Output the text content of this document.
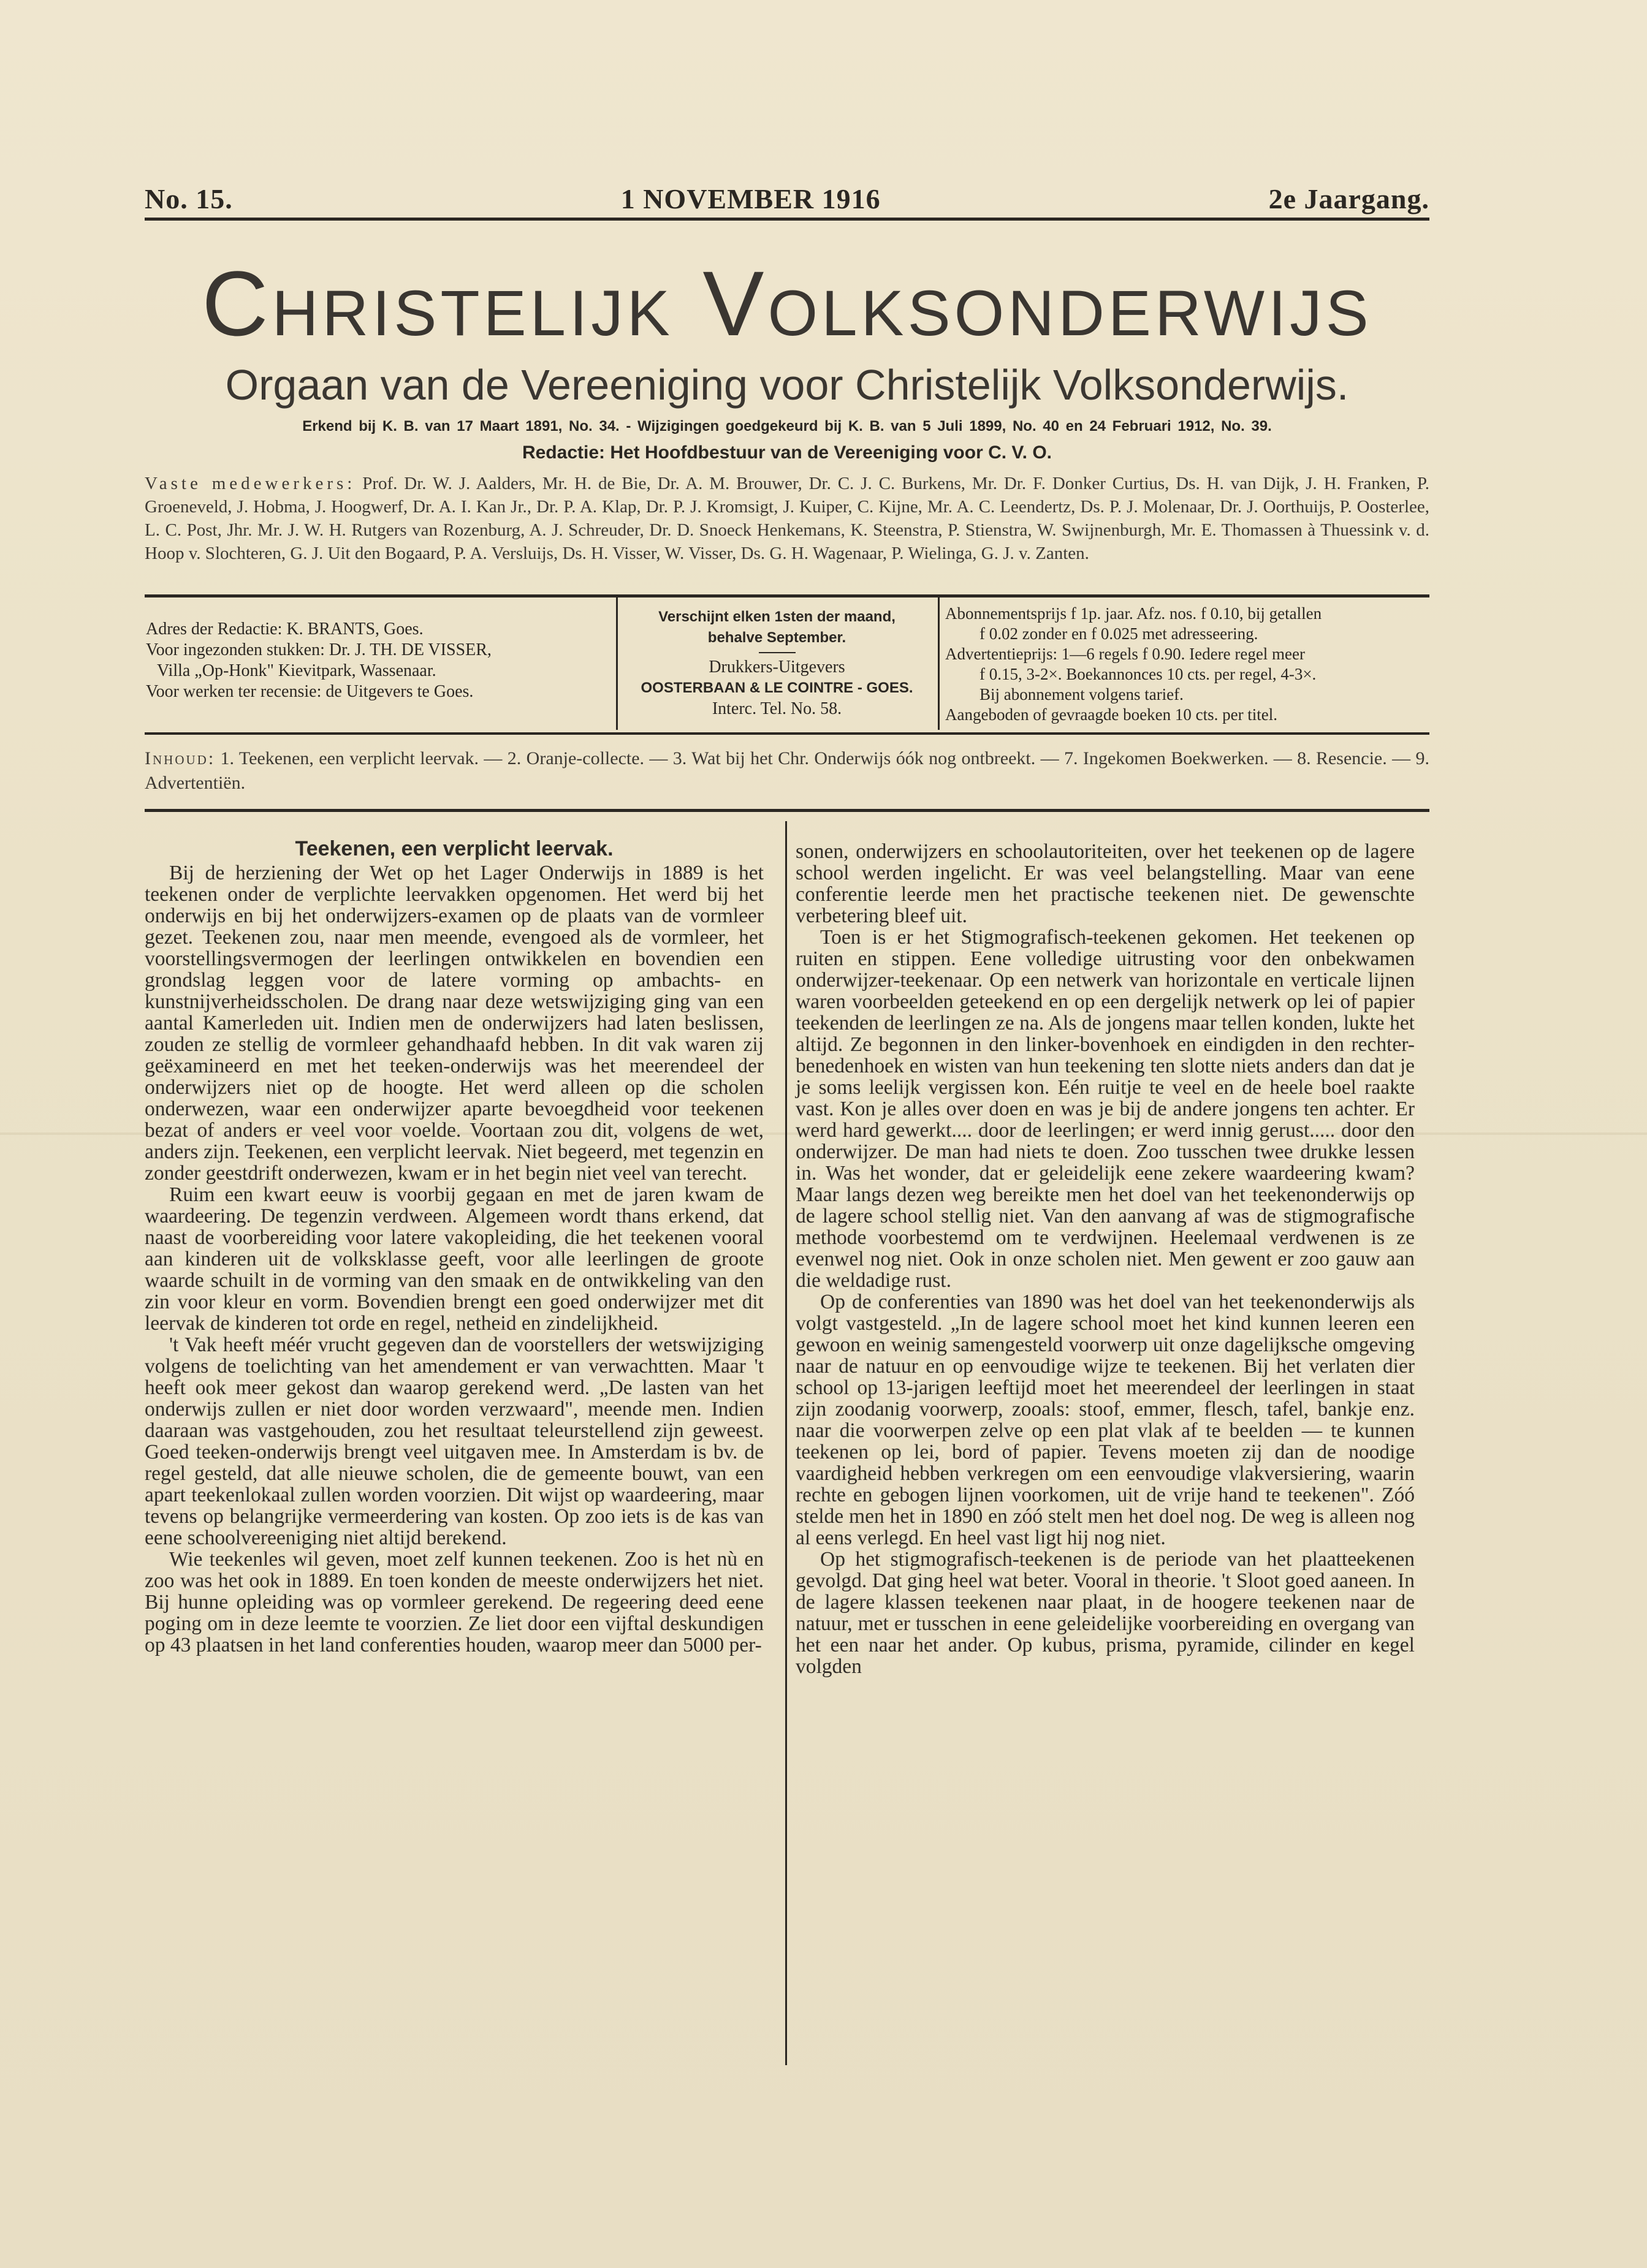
No. 15.	1 NOVEMBER 1916	2e Jaargang.
Christelijk Volksonderwijs
Orgaan van de Vereeniging voor Christelijk Volksonderwijs.
Erkend bij K. B. van 17 Maart 1891, No. 34. - Wijzigingen goedgekeurd bij K. B. van 5 Juli 1899, No. 40 en 24 Februari 1912, No. 39.
Redactie: Het Hoofdbestuur van de Vereeniging voor C. V. O.
Vaste medewerkers: Prof. Dr. W. J. Aalders, Mr. H. de Bie, Dr. A. M. Brouwer, Dr. C. J. C. Burkens, Mr. Dr. F. Donker Curtius, Ds. H. van Dijk, J. H. Franken, P. Groeneveld, J. Hobma, J. Hoogwerf, Dr. A. I. Kan Jr., Dr. P. A. Klap, Dr. P. J. Kromsigt, J. Kuiper, C. Kijne, Mr. A. C. Leendertz, Ds. P. J. Molenaar, Dr. J. Oorthuijs, P. Oosterlee, L. C. Post, Jhr. Mr. J. W. H. Rutgers van Rozenburg, A. J. Schreuder, Dr. D. Snoeck Henkemans, K. Steenstra, P. Stienstra, W. Swijnenburgh, Mr. E. Thomassen à Thuessink v. d. Hoop v. Slochteren, G. J. Uit den Bogaard, P. A. Versluijs, Ds. H. Visser, W. Visser, Ds. G. H. Wagenaar, P. Wielinga, G. J. v. Zanten.
Adres der Redactie: K. BRANTS, Goes.
Voor ingezonden stukken: Dr. J. TH. DE VISSER,
Villa „Op-Honk" Kievitpark, Wassenaar.
Voor werken ter recensie: de Uitgevers te Goes.
Verschijnt elken 1sten der maand,
behalve September.
Drukkers-Uitgevers
OOSTERBAAN & LE COINTRE - GOES.
Interc. Tel. No. 58.
Abonnementsprijs f 1p. jaar. Afz. nos. f 0.10, bij getallen
f 0.02 zonder en f 0.025 met adresseering.
Advertentieprijs: 1—6 regels f 0.90. Iedere regel meer
f 0.15, 3-2×. Boekannonces 10 cts. per regel, 4-3×.
Bij abonnement volgens tarief.
Aangeboden of gevraagde boeken 10 cts. per titel.
Inhoud: 1. Teekenen, een verplicht leervak. — 2. Oranje-collecte. — 3. Wat bij het Chr. Onderwijs óók nog ontbreekt. — 7. Ingekomen Boekwerken. — 8. Resencie. — 9. Advertentiën.
Teekenen, een verplicht leervak.

Bij de herziening der Wet op het Lager Onderwijs in 1889 is het teekenen onder de verplichte leervakken opgenomen. Het werd bij het onderwijs en bij het onderwijzers-examen op de plaats van de vormleer gezet. Teekenen zou, naar men meende, evengoed als de vormleer, het voorstellingsvermogen der leerlingen ontwikkelen en bovendien een grondslag leggen voor de latere vorming op ambachts- en kunstnijverheidsscholen. De drang naar deze wetswijziging ging van een aantal Kamerleden uit. Indien men de onderwijzers had laten beslissen, zouden ze stellig de vormleer gehandhaafd hebben. In dit vak waren zij geëxamineerd en met het teeken-onderwijs was het meerendeel der onderwijzers niet op de hoogte. Het werd alleen op die scholen onderwezen, waar een onderwijzer aparte bevoegdheid voor teekenen bezat of anders er veel voor voelde. Voortaan zou dit, volgens de wet, anders zijn. Teekenen, een verplicht leervak. Niet begeerd, met tegenzin en zonder geestdrift onderwezen, kwam er in het begin niet veel van terecht.

Ruim een kwart eeuw is voorbij gegaan en met de jaren kwam de waardeering. De tegenzin verdween. Algemeen wordt thans erkend, dat naast de voorbereiding voor latere vakopleiding, die het teekenen vooral aan kinderen uit de volksklasse geeft, voor alle leerlingen de groote waarde schuilt in de vorming van den smaak en de ontwikkeling van den zin voor kleur en vorm. Bovendien brengt een goed onderwijzer met dit leervak de kinderen tot orde en regel, netheid en zindelijkheid.

't Vak heeft méér vrucht gegeven dan de voorstellers der wetswijziging volgens de toelichting van het amendement er van verwachtten. Maar 't heeft ook meer gekost dan waarop gerekend werd. „De lasten van het onderwijs zullen er niet door worden verzwaard", meende men. Indien daaraan was vastgehouden, zou het resultaat teleurstellend zijn geweest. Goed teeken-onderwijs brengt veel uitgaven mee. In Amsterdam is bv. de regel gesteld, dat alle nieuwe scholen, die de gemeente bouwt, van een apart teekenlokaal zullen worden voorzien. Dit wijst op waardeering, maar tevens op belangrijke vermeerdering van kosten. Op zoo iets is de kas van eene schoolvereeniging niet altijd berekend.

Wie teekenles wil geven, moet zelf kunnen teekenen. Zoo is het nù en zoo was het ook in 1889. En toen konden de meeste onderwijzers het niet. Bij hunne opleiding was op vormleer gerekend. De regeering deed eene poging om in deze leemte te voorzien. Ze liet door een vijftal deskundigen op 43 plaatsen in het land conferenties houden, waarop meer dan 5000 per-

sonen, onderwijzers en schoolautoriteiten, over het teekenen op de lagere school werden ingelicht. Er was veel belangstelling. Maar van eene conferentie leerde men het practische teekenen niet. De gewenschte verbetering bleef uit.

Toen is er het Stigmografisch-teekenen gekomen. Het teekenen op ruiten en stippen. Eene volledige uitrusting voor den onbekwamen onderwijzer-teekenaar. Op een netwerk van horizontale en verticale lijnen waren voorbeelden geteekend en op een dergelijk netwerk op lei of papier teekenden de leerlingen ze na. Als de jongens maar tellen konden, lukte het altijd. Ze begonnen in den linker-bovenhoek en eindigden in den rechter-benedenhoek en wisten van hun teekening ten slotte niets anders dan dat je je soms leelijk vergissen kon. Eén ruitje te veel en de heele boel raakte vast. Kon je alles over doen en was je bij de andere jongens ten achter. Er werd hard gewerkt.... door de leerlingen; er werd innig gerust..... door den onderwijzer. De man had niets te doen. Zoo tusschen twee drukke lessen in. Was het wonder, dat er geleidelijk eene zekere waardeering kwam? Maar langs dezen weg bereikte men het doel van het teekenonderwijs op de lagere school stellig niet. Van den aanvang af was de stigmografische methode voorbestemd om te verdwijnen. Heelemaal verdwenen is ze evenwel nog niet. Ook in onze scholen niet. Men gewent er zoo gauw aan die weldadige rust.

Op de conferenties van 1890 was het doel van het teekenonderwijs als volgt vastgesteld. „In de lagere school moet het kind kunnen leeren een gewoon en weinig samengesteld voorwerp uit onze dagelijksche omgeving naar de natuur en op eenvoudige wijze te teekenen. Bij het verlaten dier school op 13-jarigen leeftijd moet het meerendeel der leerlingen in staat zijn zoodanig voorwerp, zooals: stoof, emmer, flesch, tafel, bankje enz. naar die voorwerpen zelve op een plat vlak af te beelden — te kunnen teekenen op lei, bord of papier. Tevens moeten zij dan de noodige vaardigheid hebben verkregen om een eenvoudige vlakversiering, waarin rechte en gebogen lijnen voorkomen, uit de vrije hand te teekenen". Zóó stelde men het in 1890 en zóó stelt men het doel nog. De weg is alleen nog al eens verlegd. En heel vast ligt hij nog niet.

Op het stigmografisch-teekenen is de periode van het plaatteekenen gevolgd. Dat ging heel wat beter. Vooral in theorie. 't Sloot goed aaneen. In de lagere klassen teekenen naar plaat, in de hoogere teekenen naar de natuur, met er tusschen in eene geleidelijke voorbereiding en overgang van het een naar het ander. Op kubus, prisma, pyramide, cilinder en kegel volgden
